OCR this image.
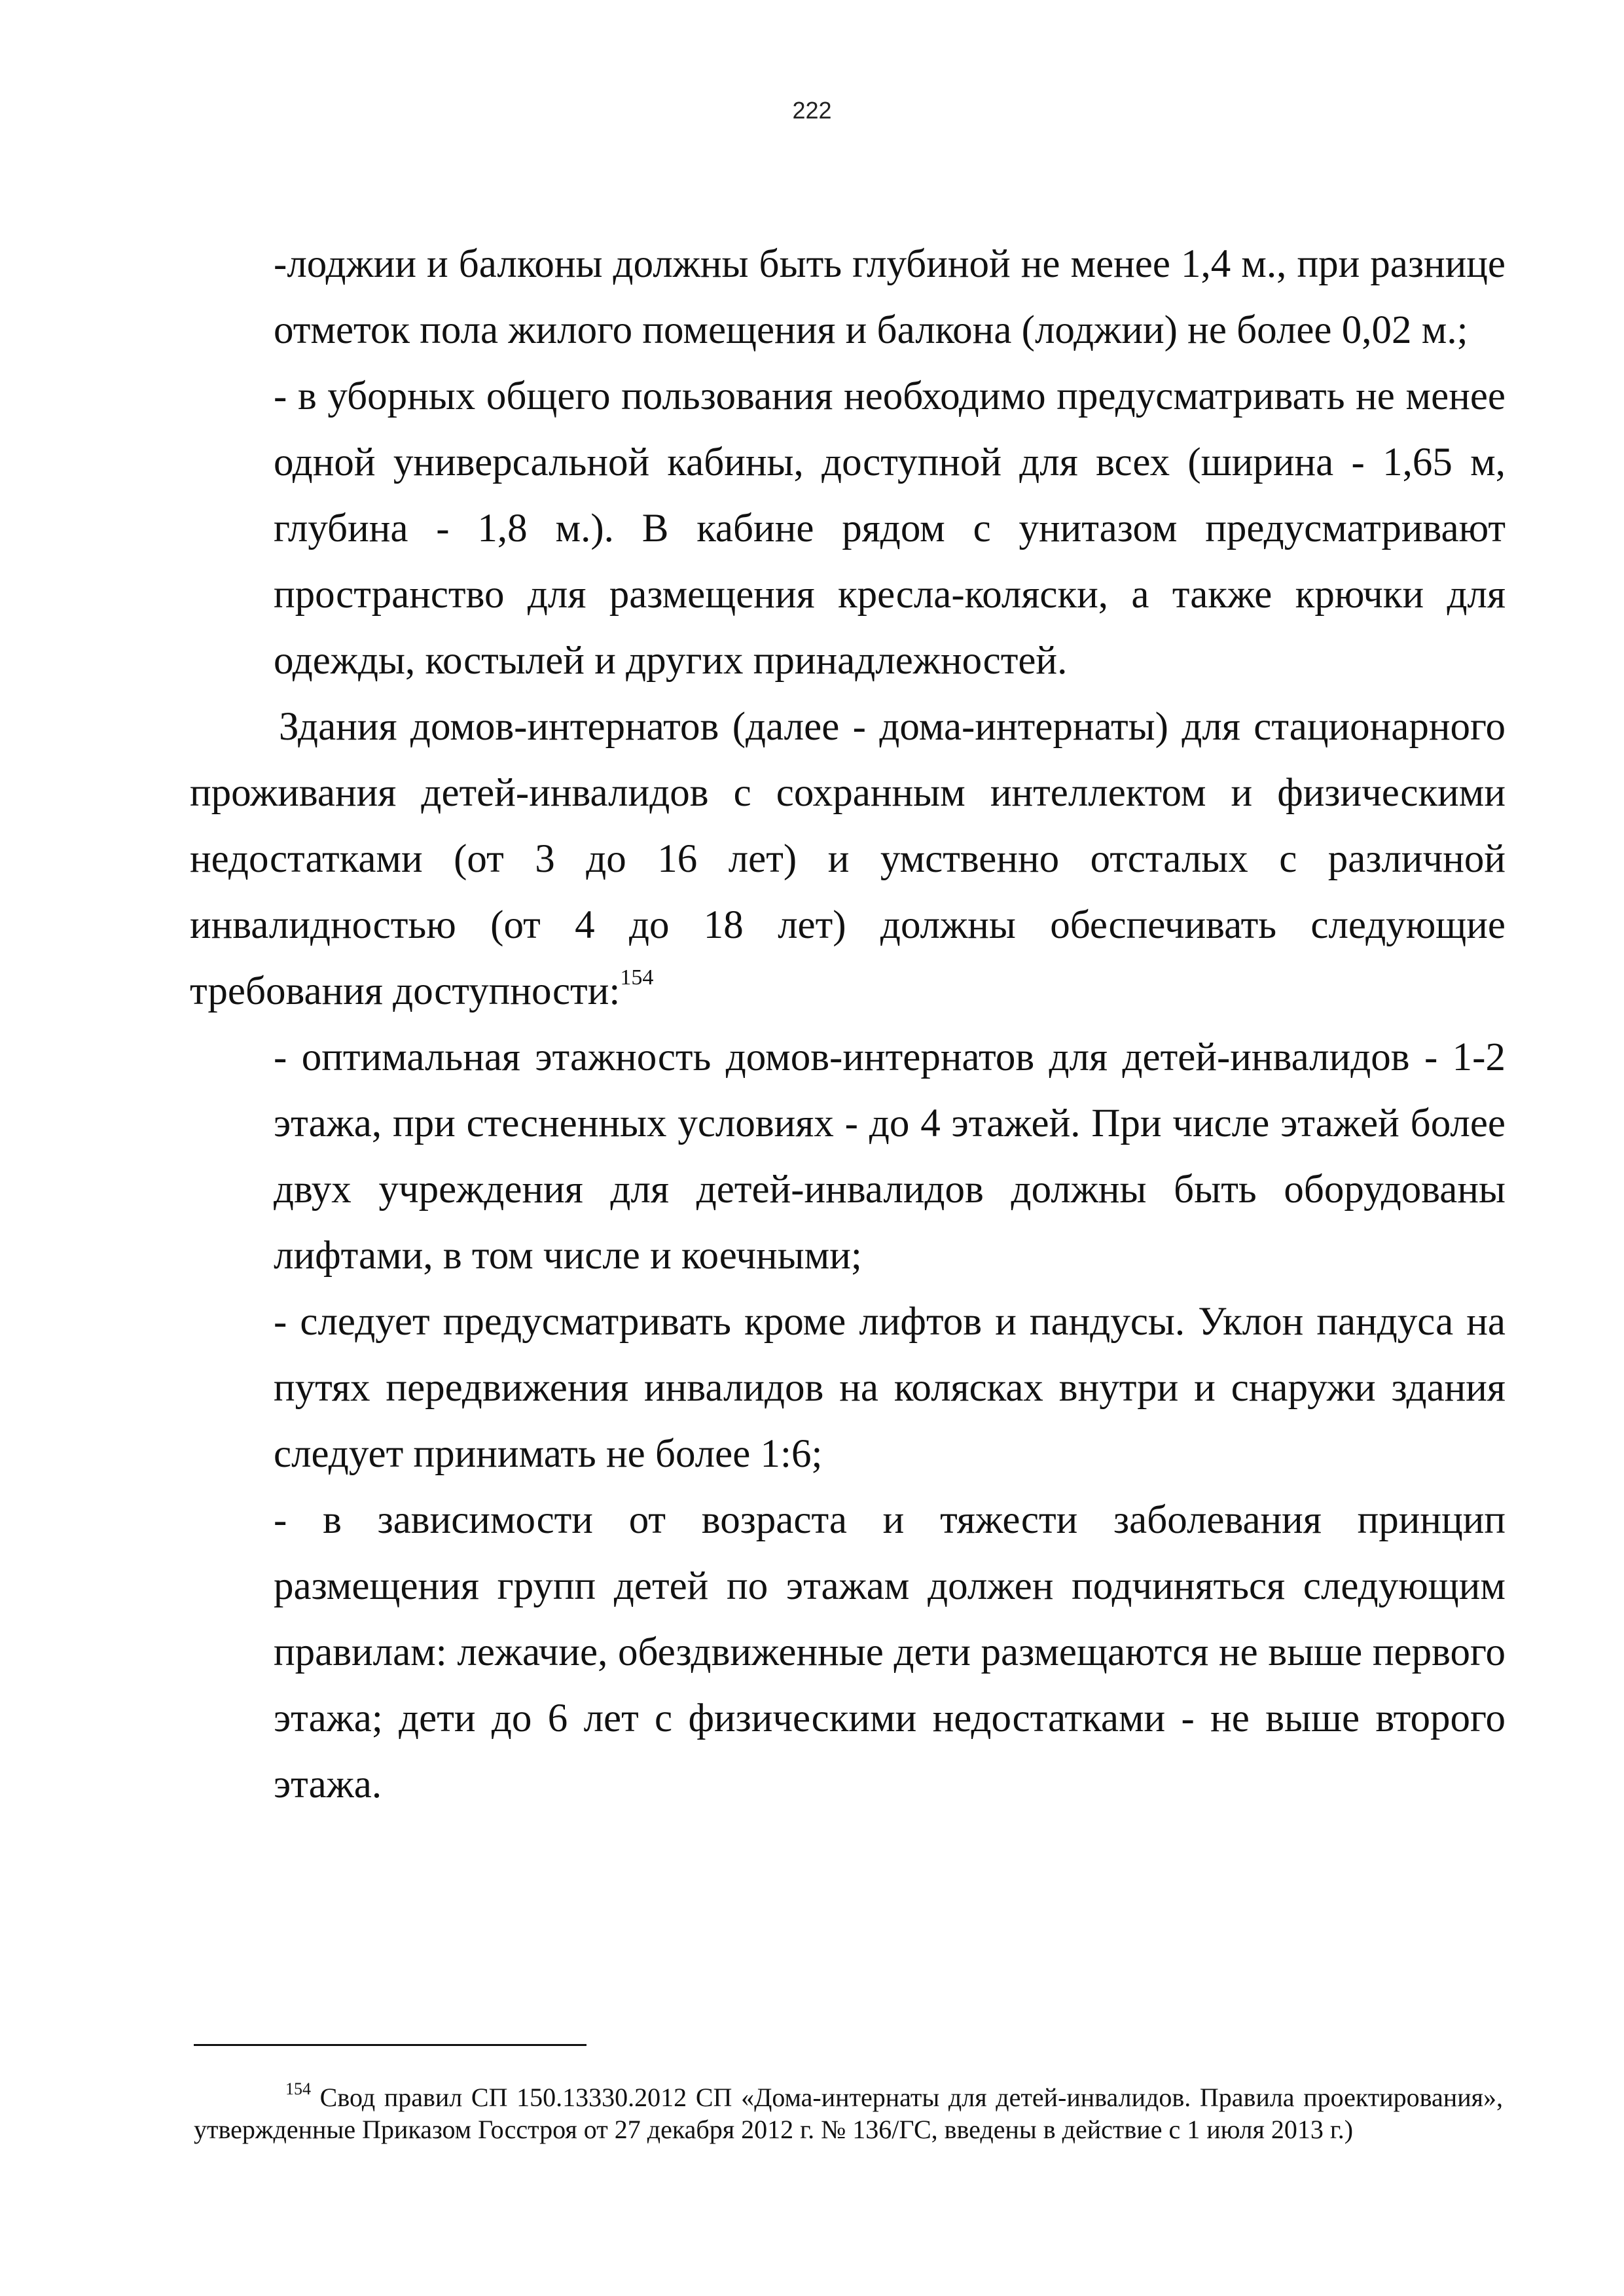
222

-лоджии и балконы должны быть глубиной не менее 1,4 м., при разнице отметок пола жилого помещения и балкона (лоджии) не более 0,02 м.;

- в уборных общего пользования необходимо предусматривать не менее одной универсальной кабины, доступной для всех (ширина - 1,65 м, глубина - 1,8 м.). В кабине рядом с унитазом предусматривают пространство для размещения кресла-коляски, а также крючки для одежды, костылей и других принадлежностей.

Здания домов-интернатов (далее - дома-интернаты) для стационарного проживания детей-инвалидов с сохранным интеллектом и физическими недостатками (от 3 до 16 лет) и умственно отсталых с различной инвалидностью (от 4 до 18 лет) должны обеспечивать следующие требования доступности:$^{154}$

- оптимальная этажность домов-интернатов для детей-инвалидов - 1-2 этажа, при стесненных условиях - до 4 этажей. При числе этажей более двух учреждения для детей-инвалидов должны быть оборудованы лифтами, в том числе и коечными;

- следует предусматривать кроме лифтов и пандусы. Уклон пандуса на путях передвижения инвалидов на колясках внутри и снаружи здания следует принимать не более 1:6;

- в зависимости от возраста и тяжести заболевания принцип размещения групп детей по этажам должен подчиняться следующим правилам: лежачие, обездвиженные дети размещаются не выше первого этажа; дети до 6 лет с физическими недостатками - не выше второго этажа.

$^{154}$ Свод правил СП 150.13330.2012 СП «Дома-интернаты для детей-инвалидов. Правила проектирования», утвержденные Приказом Госстроя от 27 декабря 2012 г. № 136/ГС, введены в действие с 1 июля 2013 г.)
